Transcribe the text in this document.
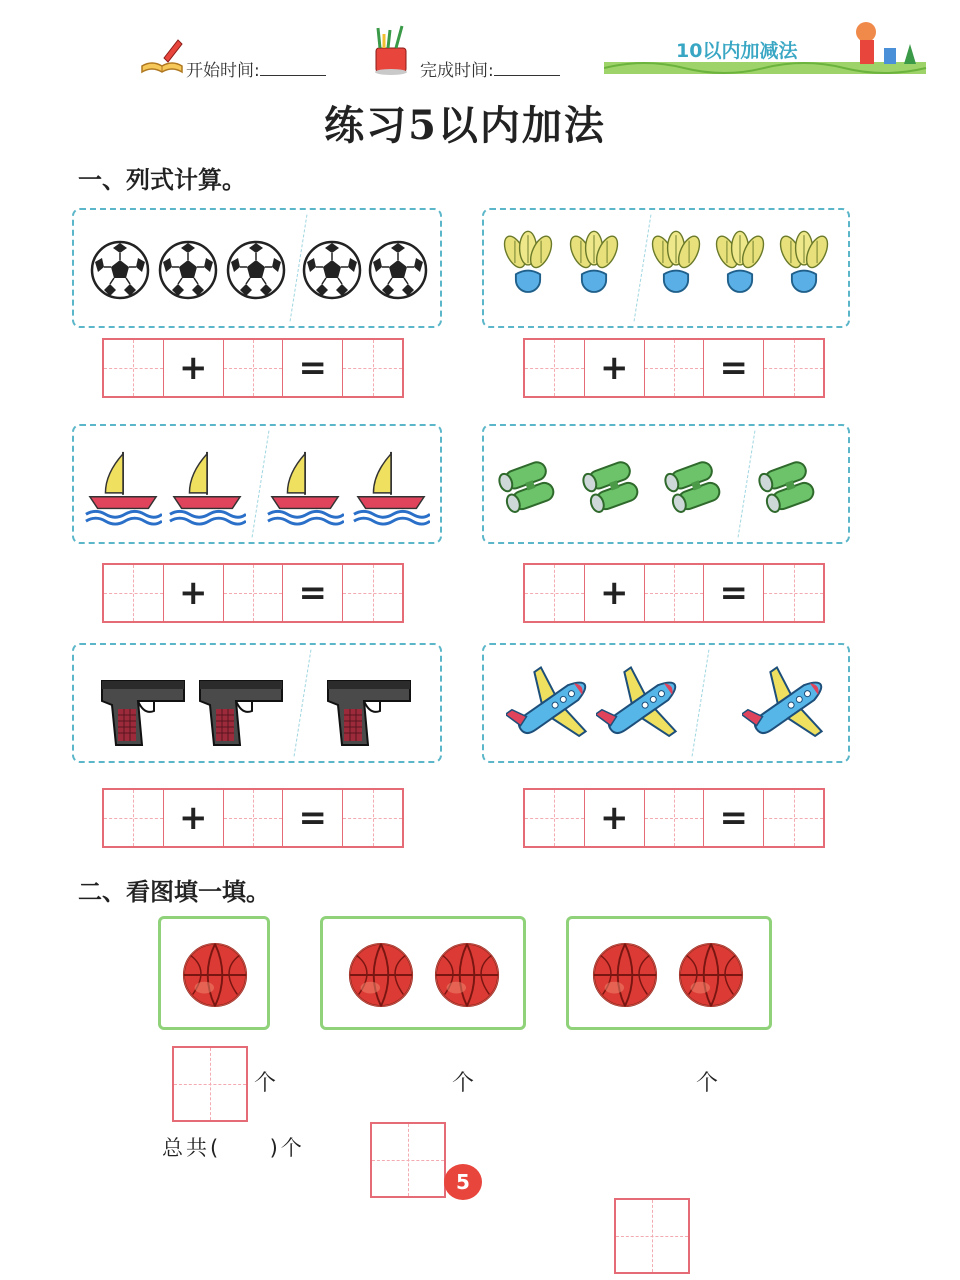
开始时间:	完成时间:
10以内加减法
练习5以内加法
一、列式计算。
+	=	+	=
+	=	+	=
+	=	+	=
二、看图填一填。
个	个	个
总共(     )个
5
